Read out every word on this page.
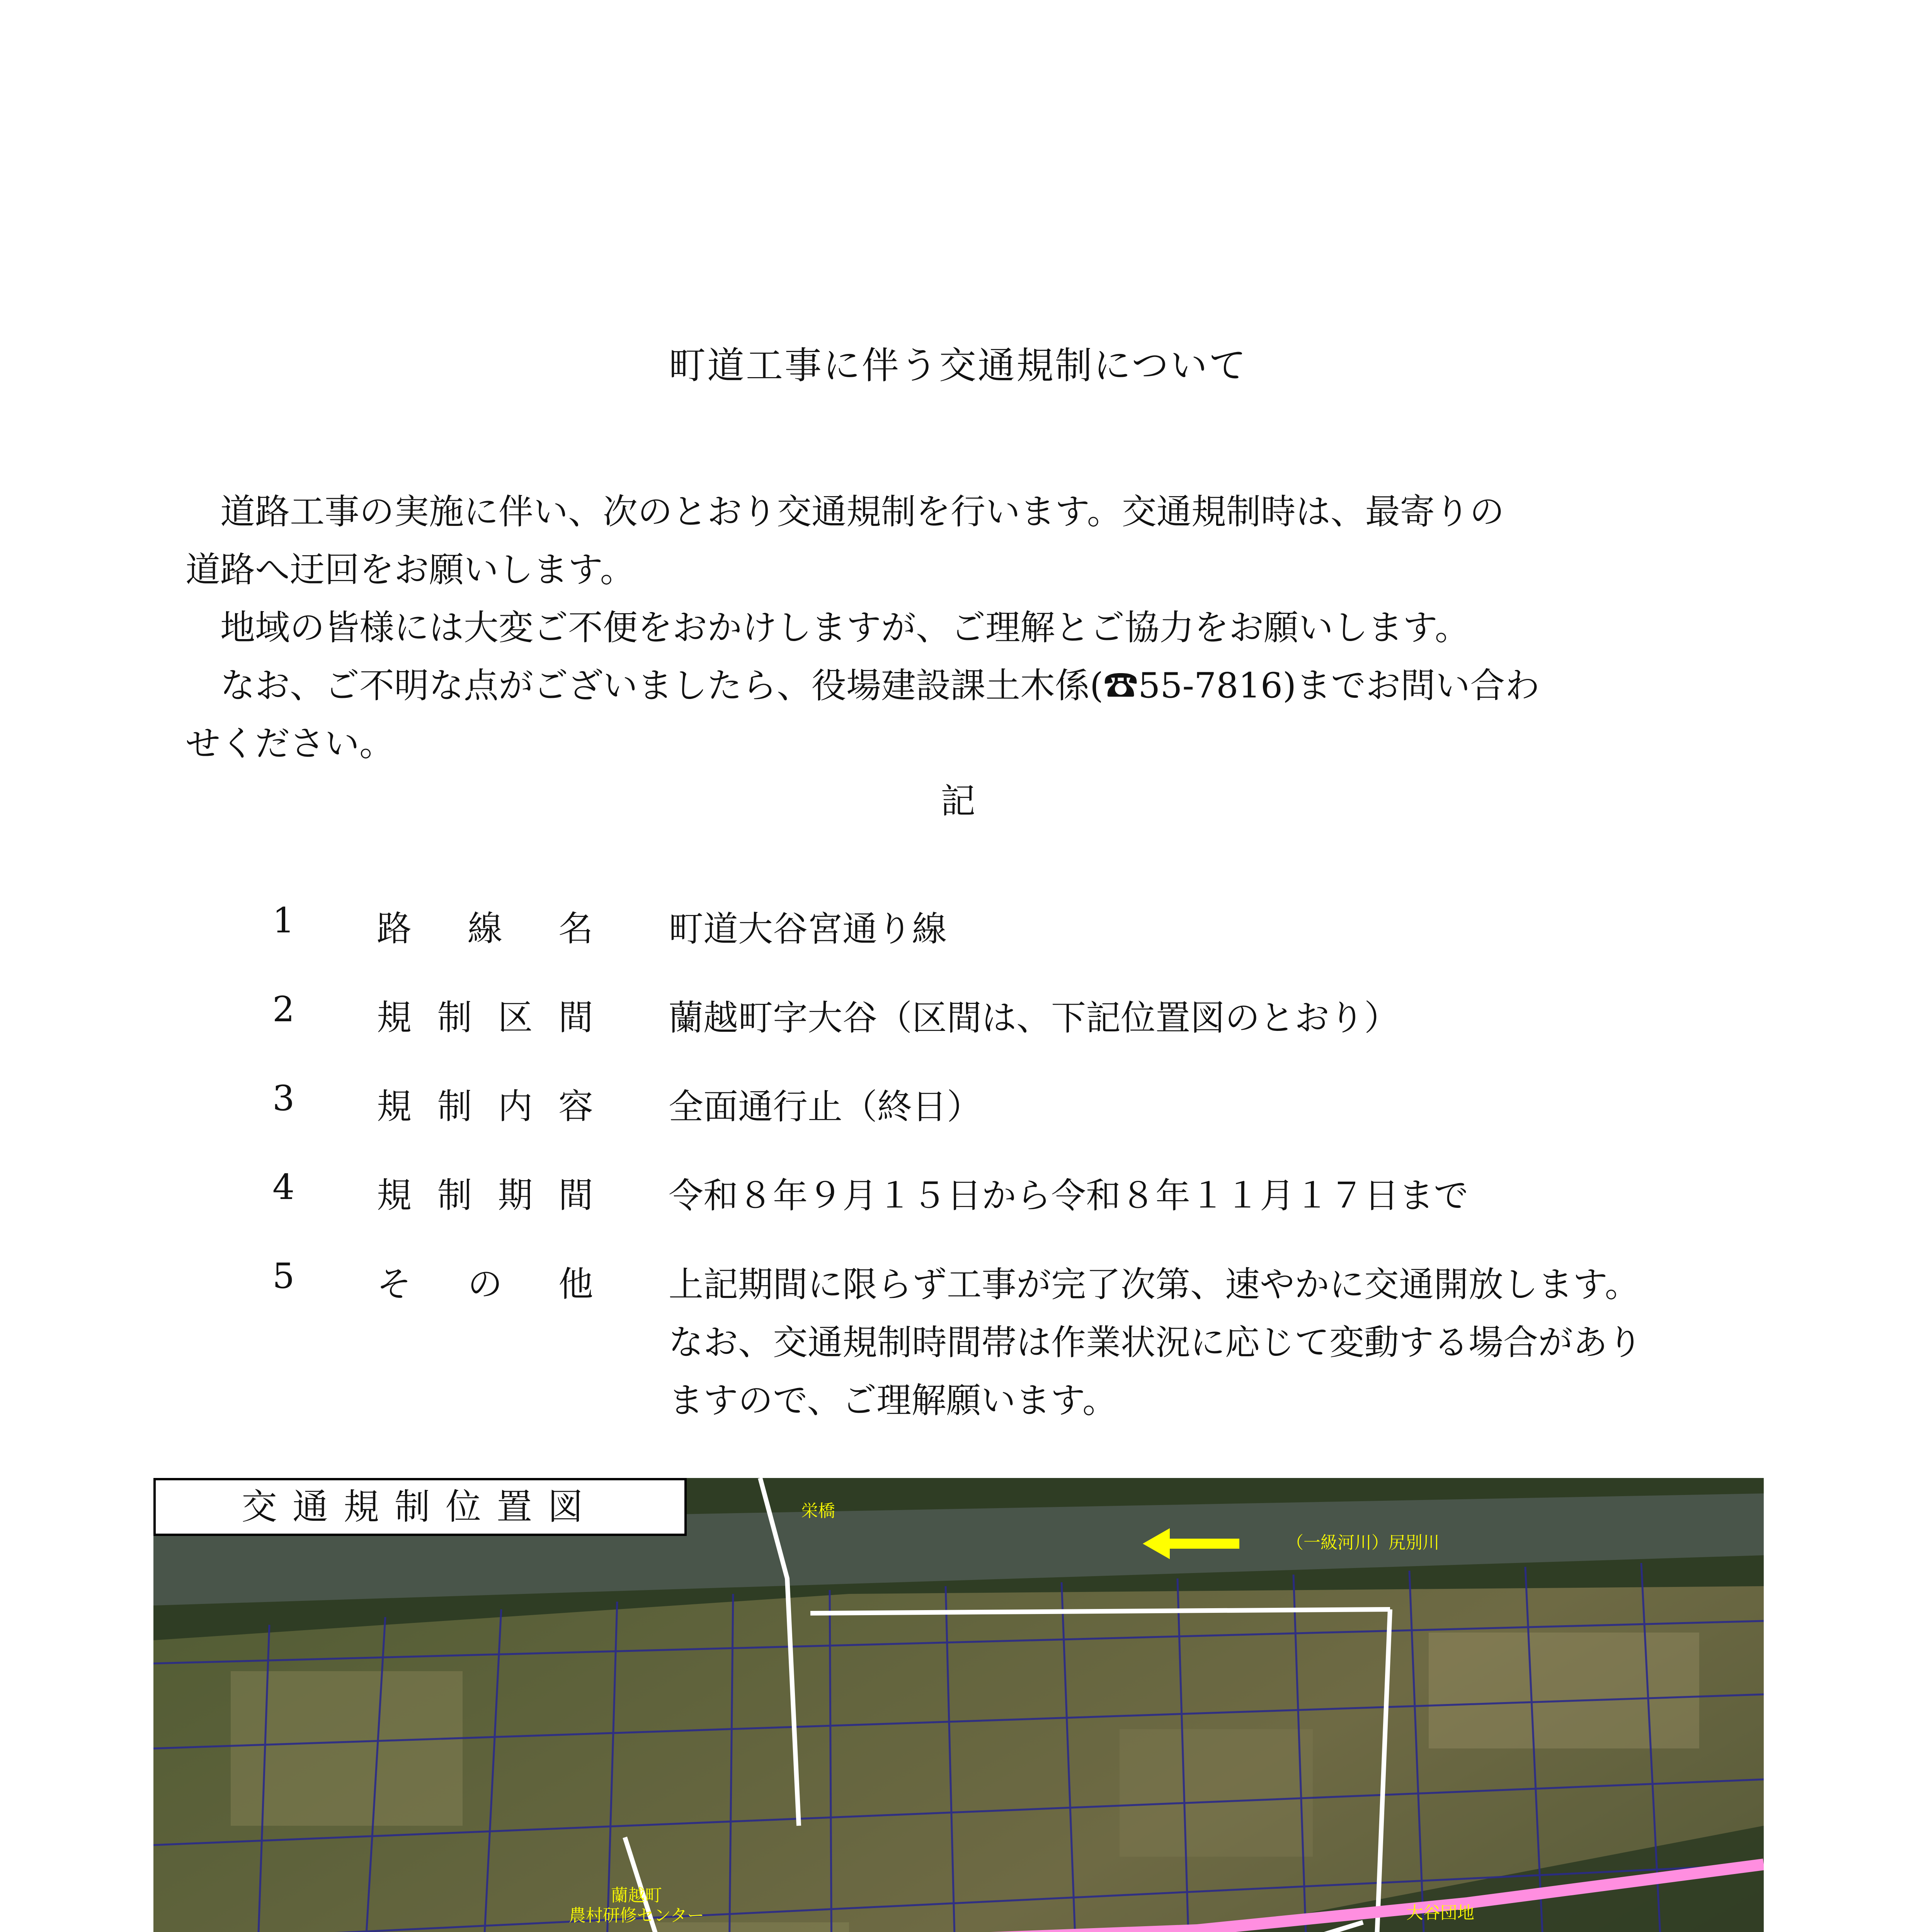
町道工事に伴う交通規制について

道路工事の実施に伴い、次のとおり交通規制を行います。交通規制時は、最寄りの

道路へ迂回をお願いします。

地域の皆様には大変ご不便をおかけしますが、ご理解とご協力をお願いします。

なお、ご不明な点がございましたら、役場建設課土木係(☎55‐7816)までお問い合わ

せください。

記
1 路 線 名 町道大谷宮通り線
2 規 制 区 間 蘭越町字大谷（区間は、下記位置図のとおり）
3 規 制 内 容 全面通行止（終日）
4 規 制 期 間 令和８年９月１５日から令和８年１１月１７日まで
5 そ の 他 上記期間に限らず工事が完了次第、速やかに交通開放します。

なお、交通規制時間帯は作業状況に応じて変動する場合があり

ますので、ご理解願います。

交通規制位置図	栄橋
（一級河川）尻別川
蘭越町
農村研修センター	大谷団地
